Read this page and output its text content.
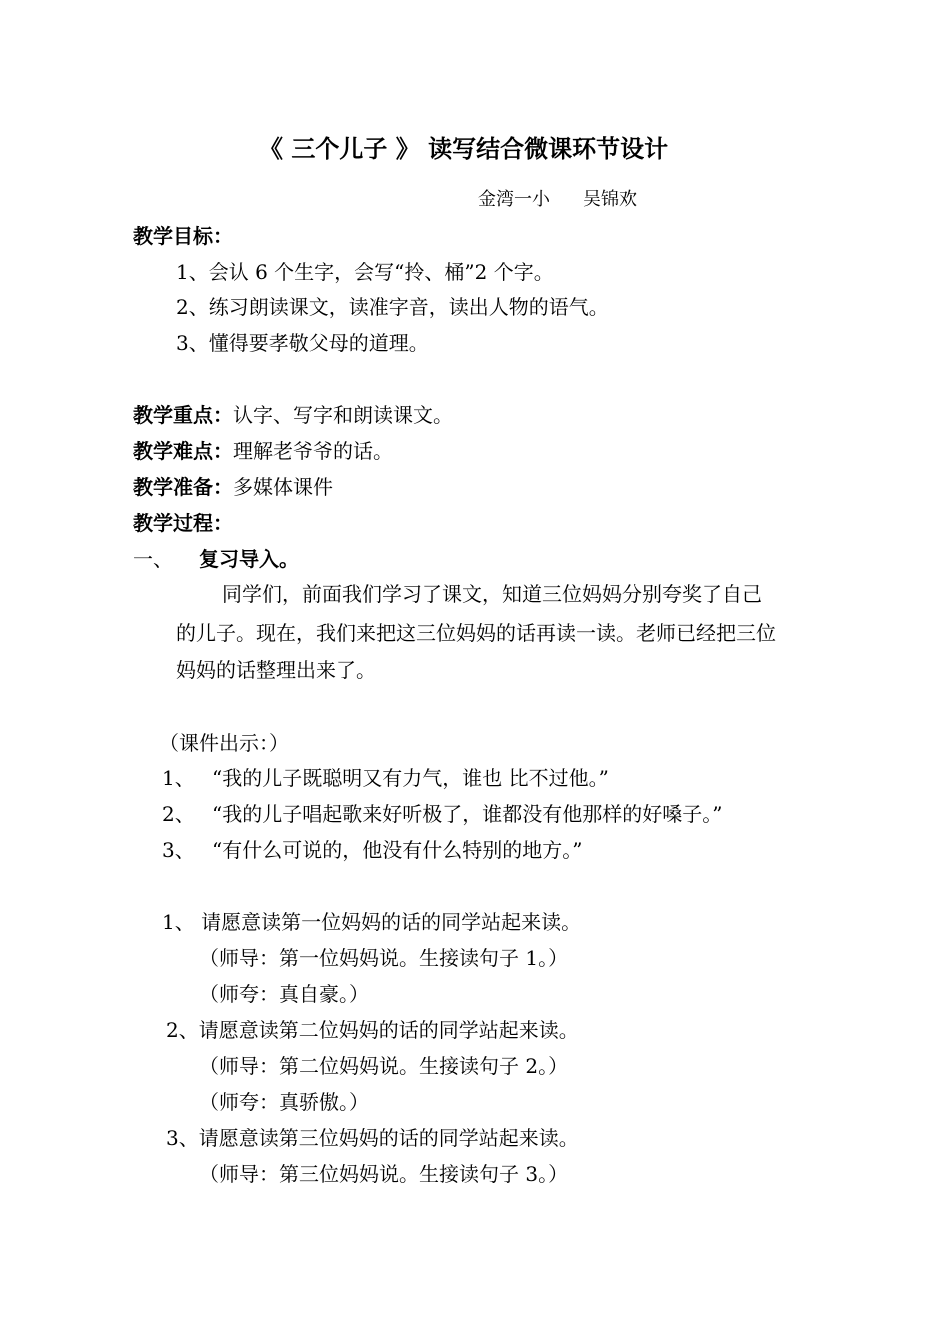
《 三个儿子 》 读写结合微课环节设计
金湾一小 吴锦欢
教学目标：
1、会认 6 个生字，会写“拎、桶”2 个字。
2、练习朗读课文，读准字音，读出人物的语气。
3、懂得要孝敬父母的道理。
教学重点：认字、写字和朗读课文。
教学难点：理解老爷爷的话。
教学准备：多媒体课件
教学过程：
一、 复习导入。
同学们，前面我们学习了课文，知道三位妈妈分别夸奖了自己
的儿子。现在，我们来把这三位妈妈的话再读一读。老师已经把三位
妈妈的话整理出来了。
（课件出示：）
1、 “我的儿子既聪明又有力气，谁也 比不过他。”
2、 “我的儿子唱起歌来好听极了，谁都没有他那样的好嗓子。”
3、 “有什么可说的，他没有什么特别的地方。”
1、 请愿意读第一位妈妈的话的同学站起来读。
（师导：第一位妈妈说。生接读句子 1。）
（师夸：真自豪。）
2、请愿意读第二位妈妈的话的同学站起来读。
（师导：第二位妈妈说。生接读句子 2。）
（师夸：真骄傲。）
3、请愿意读第三位妈妈的话的同学站起来读。
（师导：第三位妈妈说。生接读句子 3。）
